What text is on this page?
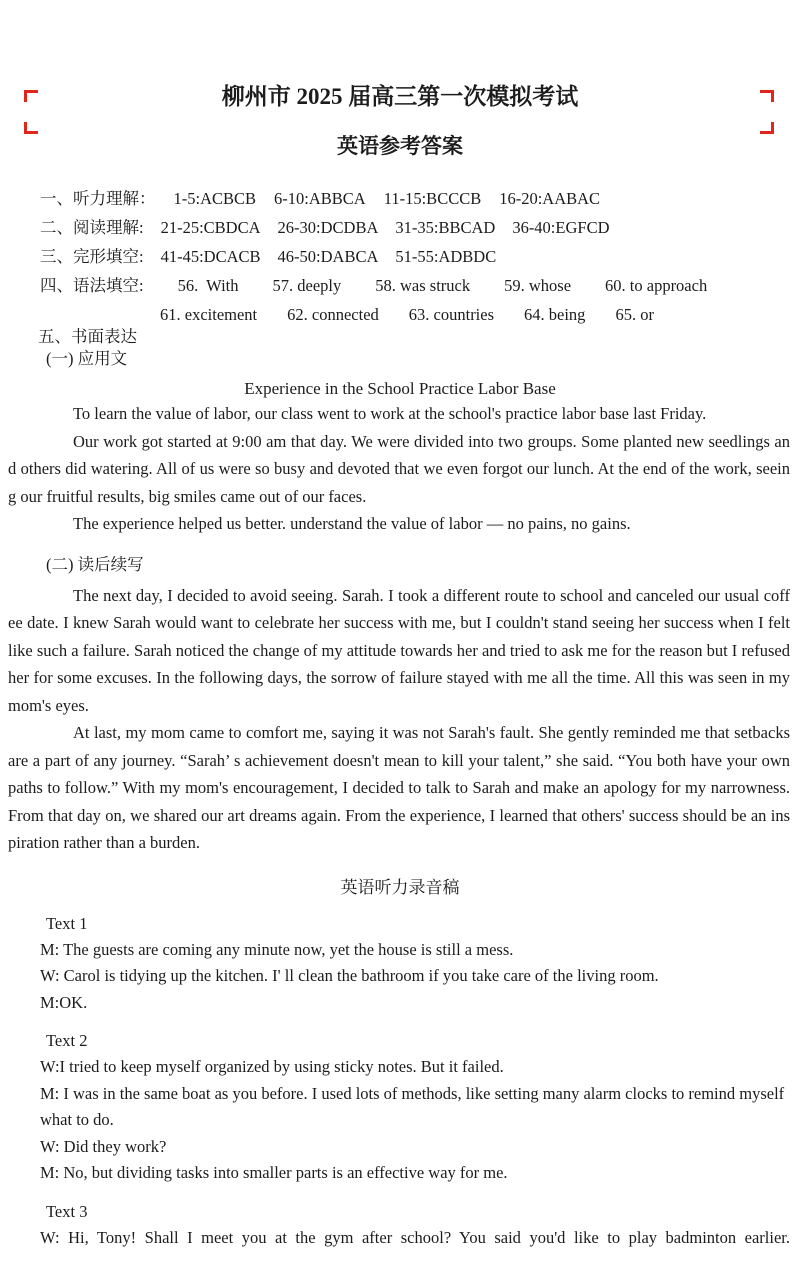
柳州市 2025 届高三第一次模拟考试
英语参考答案
一、听力理解： 1-5:ACBCB 6-10:ABBCA 11-15:BCCCB 16-20:AABAC
二、阅读理解: 21-25:CBDCA 26-30:DCDBA 31-35:BBCAD 36-40:EGFCD
三、完形填空: 41-45:DCACB 46-50:DABCA 51-55:ADBDC
四、语法填空: 56.  With 57. deeply 58. was struck 59. whose 60. to approach
61. excitement 62. connected 63. countries 64. being 65. or
五、书面表达
(一) 应用文
Experience in the School Practice Labor Base
To learn the value of labor, our class went to work at the school's practice labor base last Friday.
Our work got started at 9:00 am that day. We were divided into two groups. Some planted new seedlings and others did watering. All of us were so busy and devoted that we even forgot our lunch. At the end of the work, seeing our fruitful results, big smiles came out of our faces.
The experience helped us better. understand the value of labor — no pains, no gains.
(二) 读后续写
The next day, I decided to avoid seeing. Sarah. I took a different route to school and canceled our usual coffee date. I knew Sarah would want to celebrate her success with me, but I couldn't stand seeing her success when I felt like such a failure. Sarah noticed the change of my attitude towards her and tried to ask me for the reason but I refused her for some excuses. In the following days, the sorrow of failure stayed with me all the time. All this was seen in my mom's eyes.
At last, my mom came to comfort me, saying it was not Sarah's fault. She gently reminded me that setbacks are a part of any journey. “Sarah’ s achievement doesn't mean to kill your talent,” she said. “You both have your own paths to follow.” With my mom's encouragement, I decided to talk to Sarah and make an apology for my narrowness. From that day on, we shared our art dreams again. From the experience, I learned that others' success should be an inspiration rather than a burden.
英语听力录音稿
Text 1
M: The guests are coming any minute now, yet the house is still a mess.
W: Carol is tidying up the kitchen. I' ll clean the bathroom if you take care of the living room.
M:OK.
Text 2
W:I tried to keep myself organized by using sticky notes. But it failed.
M: I was in the same boat as you before. I used lots of methods, like setting many alarm clocks to remind myself what to do.
W: Did they work?
M: No, but dividing tasks into smaller parts is an effective way for me.
Text 3
W: Hi, Tony! Shall I meet you at the gym after school? You said you'd like to play badminton earlier.
